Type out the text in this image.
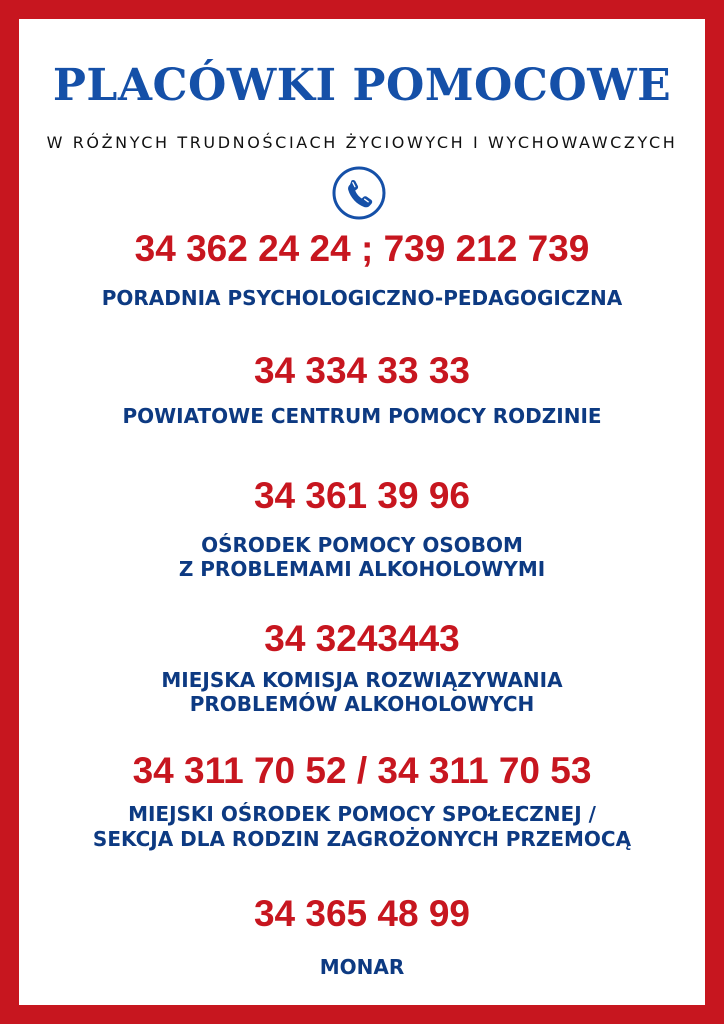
PLACÓWKI POMOCOWE
W RÓŻNYCH TRUDNOŚCIACH ŻYCIOWYCH I WYCHOWAWCZYCH
34 362 24 24 ; 739 212 739
PORADNIA PSYCHOLOGICZNO-PEDAGOGICZNA
34 334 33 33
POWIATOWE CENTRUM POMOCY RODZINIE
34 361 39 96
OŚRODEK POMOCY OSOBOM
Z PROBLEMAMI ALKOHOLOWYMI
34 3243443
MIEJSKA KOMISJA ROZWIĄZYWANIA
PROBLEMÓW ALKOHOLOWYCH
34 311 70 52 / 34 311 70 53
MIEJSKI OŚRODEK POMOCY SPOŁECZNEJ /
SEKCJA DLA RODZIN ZAGROŻONYCH PRZEMOCĄ
34 365 48 99
MONAR
